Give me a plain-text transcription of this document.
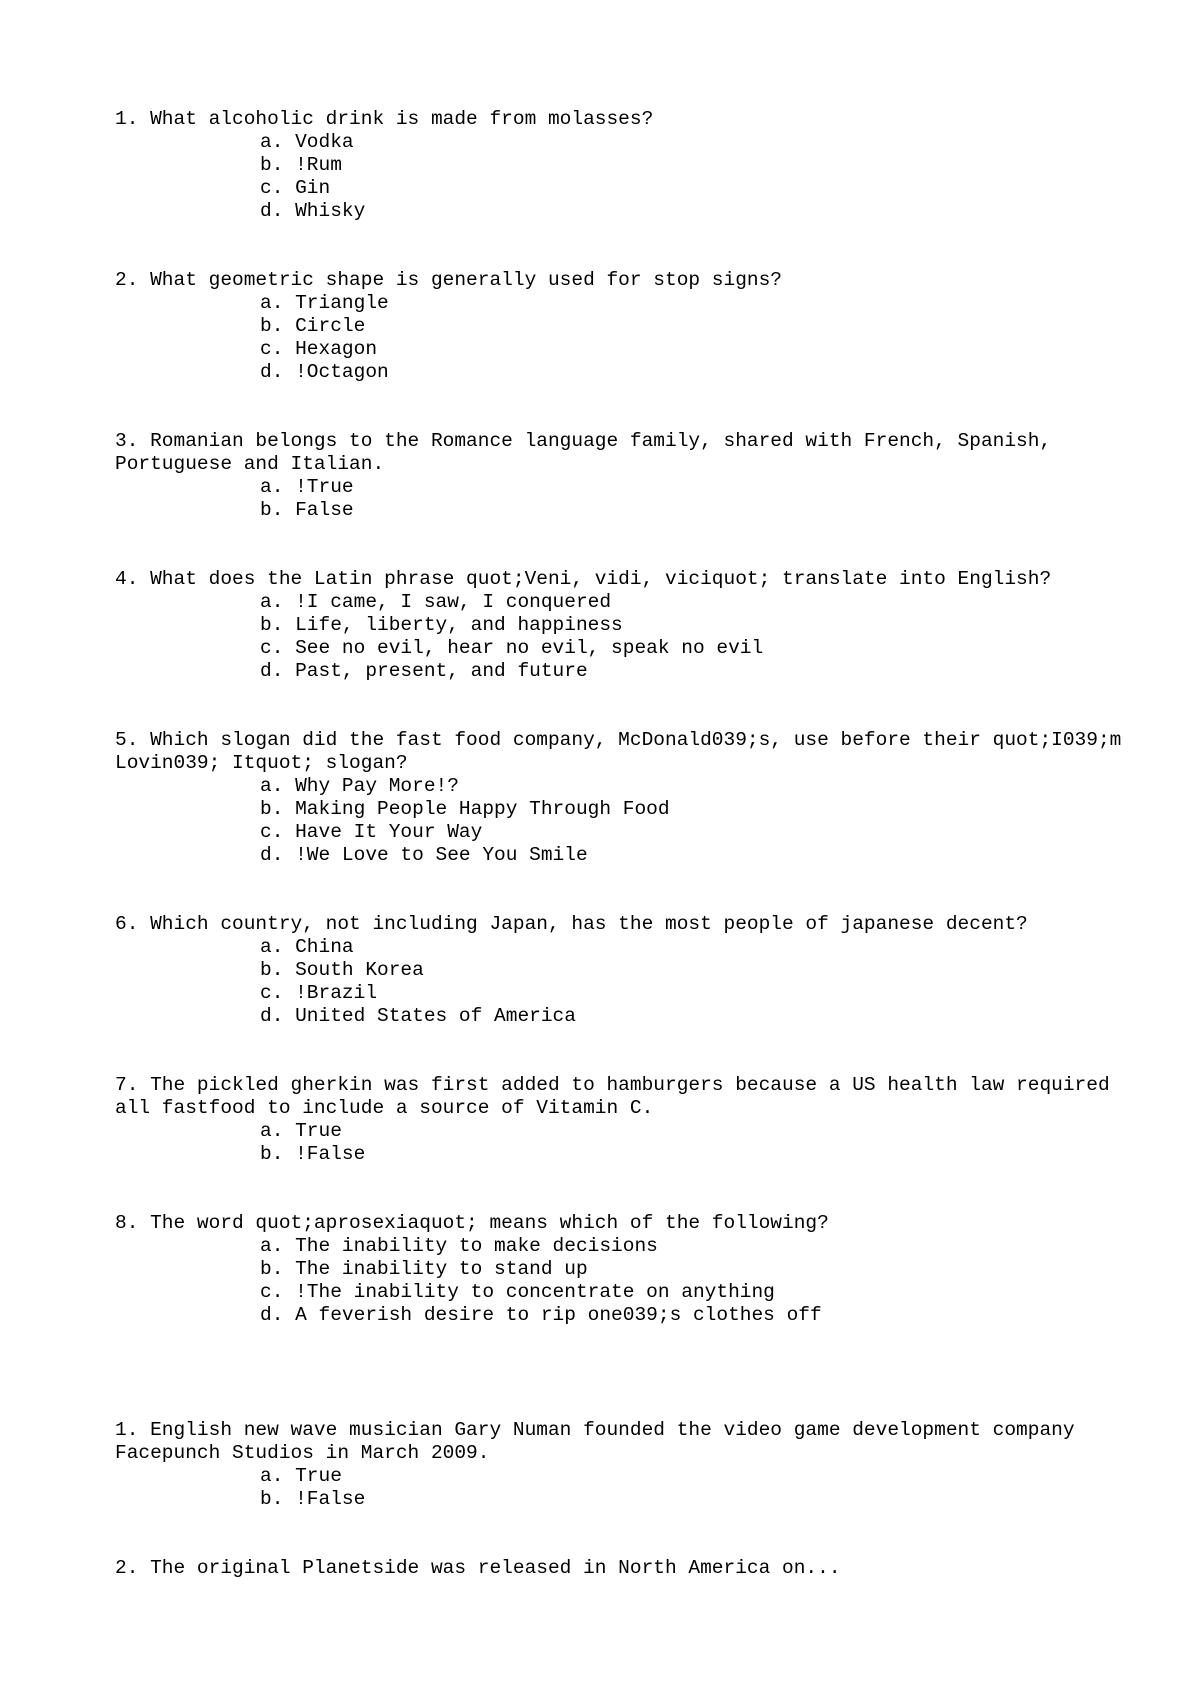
1. What alcoholic drink is made from molasses?

a. Vodka
b. !Rum
c. Gin
d. Whisky

2. What geometric shape is generally used for stop signs?

a. Triangle
b. Circle
c. Hexagon
d. !Octagon

3. Romanian belongs to the Romance language family, shared with French, Spanish, Portuguese and Italian.

a. !True
b. False

4. What does the Latin phrase quot;Veni, vidi, viciquot; translate into English?

a. !I came, I saw, I conquered
b. Life, liberty, and happiness
c. See no evil, hear no evil, speak no evil
d. Past, present, and future

5. Which slogan did the fast food company, McDonald039;s, use before their quot;I039;m Lovin039; Itquot; slogan?

a. Why Pay More!?
b. Making People Happy Through Food
c. Have It Your Way
d. !We Love to See You Smile

6. Which country, not including Japan, has the most people of japanese decent?

a. China
b. South Korea
c. !Brazil
d. United States of America

7. The pickled gherkin was first added to hamburgers because a US health law required all fastfood to include a source of Vitamin C.

a. True
b. !False

8. The word quot;aprosexiaquot; means which of the following?

a. The inability to make decisions
b. The inability to stand up
c. !The inability to concentrate on anything
d. A feverish desire to rip one039;s clothes off

1. English new wave musician Gary Numan founded the video game development company Facepunch Studios in March 2009.

a. True
b. !False

2. The original Planetside was released in North America on...
